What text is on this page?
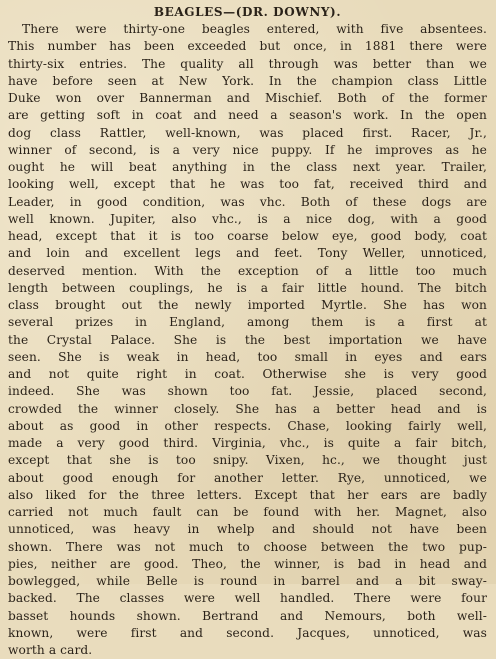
BEAGLES—(DR. DOWNY).
There were thirty-one beagles entered, with five absentees.
This number has been exceeded but once, in 1881 there were
thirty-six entries. The quality all through was better than we
have before seen at New York. In the champion class Little
Duke won over Bannerman and Mischief. Both of the former
are getting soft in coat and need a season's work. In the open
dog class Rattler, well-known, was placed first. Racer, Jr.,
winner of second, is a very nice puppy. If he improves as he
ought he will beat anything in the class next year. Trailer,
looking well, except that he was too fat, received third and
Leader, in good condition, was vhc. Both of these dogs are
well known. Jupiter, also vhc., is a nice dog, with a good
head, except that it is too coarse below eye, good body, coat
and loin and excellent legs and feet. Tony Weller, unnoticed,
deserved mention. With the exception of a little too much
length between couplings, he is a fair little hound. The bitch
class brought out the newly imported Myrtle. She has won
several prizes in England, among them is a first at
the Crystal Palace. She is the best importation we have
seen. She is weak in head, too small in eyes and ears
and not quite right in coat. Otherwise she is very good
indeed. She was shown too fat. Jessie, placed second,
crowded the winner closely. She has a better head and is
about as good in other respects. Chase, looking fairly well,
made a very good third. Virginia, vhc., is quite a fair bitch,
except that she is too snipy. Vixen, hc., we thought just
about good enough for another letter. Rye, unnoticed, we
also liked for the three letters. Except that her ears are badly
carried not much fault can be found with her. Magnet, also
unnoticed, was heavy in whelp and should not have been
shown. There was not much to choose between the two pup-
pies, neither are good. Theo, the winner, is bad in head and
bowlegged, while Belle is round in barrel and a bit sway-
backed. The classes were well handled. There were four
basset hounds shown. Bertrand and Nemours, both well-
known, were first and second. Jacques, unnoticed, was
worth a card.
